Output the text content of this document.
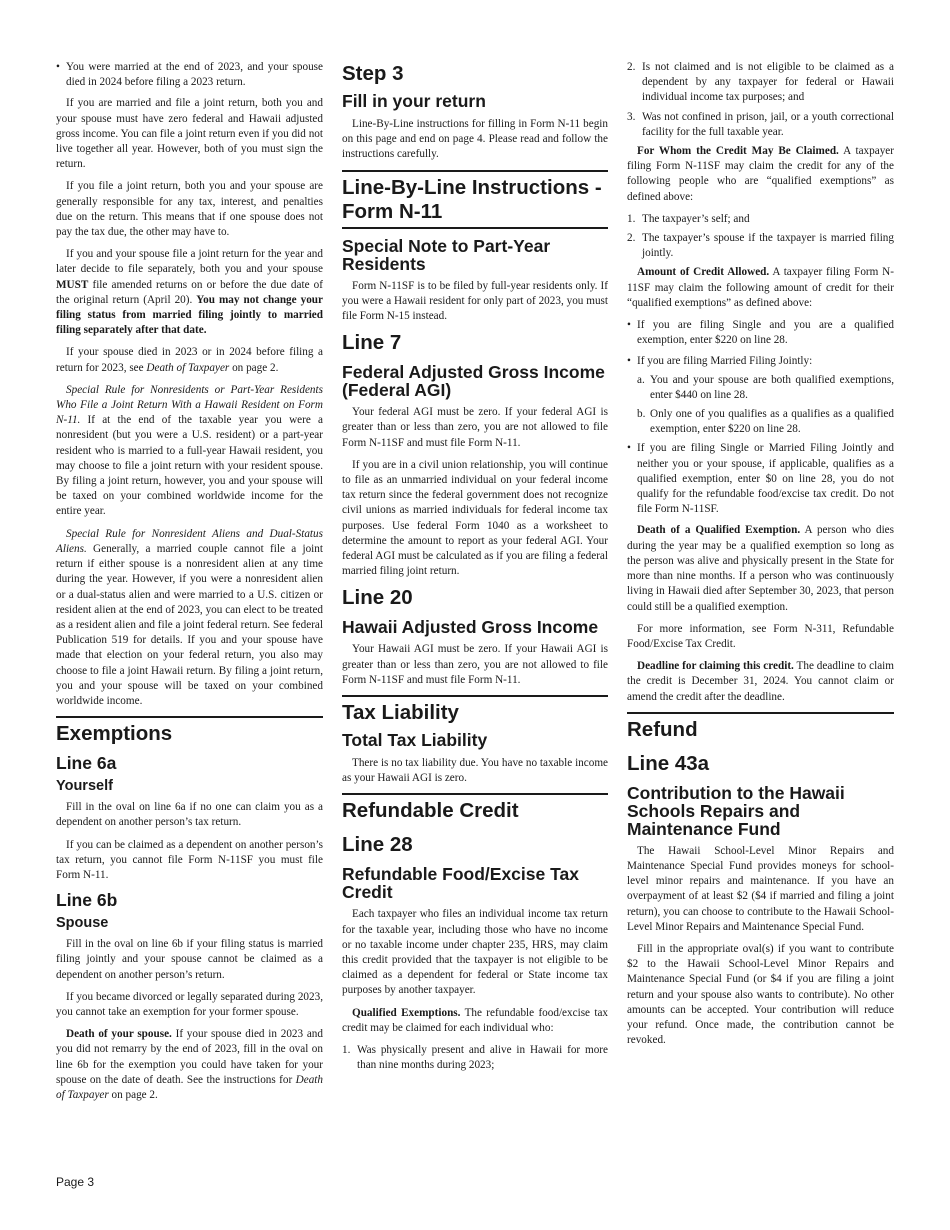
• You were married at the end of 2023, and your spouse died in 2024 before filing a 2023 return.

If you are married and file a joint return, both you and your spouse must have zero federal and Hawaii adjusted gross income. You can file a joint return even if you did not live together all year. However, both of you must sign the return.

If you file a joint return, both you and your spouse are generally responsible for any tax, interest, and penalties due on the return. This means that if one spouse does not pay the tax due, the other may have to.

If you and your spouse file a joint return for the year and later decide to file separately, both you and your spouse MUST file amended returns on or before the due date of the original return (April 20). You may not change your filing status from married filing jointly to married filing separately after that date.

If your spouse died in 2023 or in 2024 before filing a return for 2023, see Death of Taxpayer on page 2.

Special Rule for Nonresidents or Part-Year Residents Who File a Joint Return With a Hawaii Resident on Form N-11. If at the end of the taxable year you were a nonresident (but you were a U.S. resident) or a part-year resident who is married to a full-year Hawaii resident, you may choose to file a joint return with your resident spouse. By filing a joint return, however, you and your spouse will be taxed on your combined worldwide income for the entire year.

Special Rule for Nonresident Aliens and Dual-Status Aliens. Generally, a married couple cannot file a joint return if either spouse is a nonresident alien at any time during the year. However, if you were a nonresident alien or a dual-status alien and were married to a U.S. citizen or resident alien at the end of 2023, you can elect to be treated as a resident alien and file a joint federal return. See federal Publication 519 for details. If you and your spouse have made that election on your federal return, you also may choose to file a joint Hawaii return. By filing a joint return, you and your spouse will be taxed on your combined worldwide income.

Exemptions
Line 6a
Yourself

Fill in the oval on line 6a if no one can claim you as a dependent on another person’s tax return.

If you can be claimed as a dependent on another person’s tax return, you cannot file Form N-11SF you must file Form N-11.

Line 6b
Spouse

Fill in the oval on line 6b if your filing status is married filing jointly and your spouse cannot be claimed as a dependent on another person’s return.

If you became divorced or legally separated during 2023, you cannot take an exemption for your former spouse.

Death of your spouse. If your spouse died in 2023 and you did not remarry by the end of 2023, fill in the oval on line 6b for the exemption you could have taken for your spouse on the date of death. See the instructions for Death of Taxpayer on page 2.

Step 3
Fill in your return

Line-By-Line instructions for filling in Form N-11 begin on this page and end on page 4. Please read and follow the instructions carefully.

Line-By-Line Instructions - Form N-11
Special Note to Part-Year Residents

Form N-11SF is to be filed by full-year residents only. If you were a Hawaii resident for only part of 2023, you must file Form N-15 instead.

Line 7
Federal Adjusted Gross Income (Federal AGI)

Your federal AGI must be zero. If your federal AGI is greater than or less than zero, you are not allowed to file Form N-11SF and must file Form N-11.

If you are in a civil union relationship, you will continue to file as an unmarried individual on your federal income tax return since the federal government does not recognize civil unions as married individuals for federal income tax purposes. Use federal Form 1040 as a worksheet to determine the amount to report as your federal AGI. Your federal AGI must be calculated as if you are filing a federal married filing joint return.

Line 20
Hawaii Adjusted Gross Income

Your Hawaii AGI must be zero. If your Hawaii AGI is greater than or less than zero, you are not allowed to file Form N-11SF and must file Form N-11.

Tax Liability
Total Tax Liability

There is no tax liability due. You have no taxable income as your Hawaii AGI is zero.

Refundable Credit
Line 28
Refundable Food/Excise Tax Credit

Each taxpayer who files an individual income tax return for the taxable year, including those who have no income or no taxable income under chapter 235, HRS, may claim this credit provided that the taxpayer is not eligible to be claimed as a dependent for federal or State income tax purposes by another taxpayer.

Qualified Exemptions. The refundable food/excise tax credit may be claimed for each individual who:

1. Was physically present and alive in Hawaii for more than nine months during 2023;
2. Is not claimed and is not eligible to be claimed as a dependent by any taxpayer for federal or Hawaii individual income tax purposes; and
3. Was not confined in prison, jail, or a youth correctional facility for the full taxable year.

For Whom the Credit May Be Claimed. A taxpayer filing Form N-11SF may claim the credit for any of the following people who are “qualified exemptions” as defined above:

1. The taxpayer’s self; and
2. The taxpayer’s spouse if the taxpayer is married filing jointly.

Amount of Credit Allowed. A taxpayer filing Form N-11SF may claim the following amount of credit for their “qualified exemptions” as defined above:

• If you are filing Single and you are a qualified exemption, enter $220 on line 28.
• If you are filing Married Filing Jointly:
a. You and your spouse are both qualified exemptions, enter $440 on line 28.
b. Only one of you qualifies as a qualifies as a qualified exemption, enter $220 on line 28.
• If you are filing Single or Married Filing Jointly and neither you or your spouse, if applicable, qualifies as a qualified exemption, enter $0 on line 28, you do not qualify for the refundable food/excise tax credit. Do not file Form N-11SF.

Death of a Qualified Exemption. A person who dies during the year may be a qualified exemption so long as the person was alive and physically present in the State for more than nine months. If a person who was continuously living in Hawaii died after September 30, 2023, that person could still be a qualified exemption.

For more information, see Form N-311, Refundable Food/Excise Tax Credit.

Deadline for claiming this credit. The deadline to claim the credit is December 31, 2024. You cannot claim or amend the credit after the deadline.

Refund
Line 43a
Contribution to the Hawaii Schools Repairs and Maintenance Fund

The Hawaii School-Level Minor Repairs and Maintenance Special Fund provides moneys for school-level minor repairs and maintenance. If you have an overpayment of at least $2 ($4 if married and filing a joint return), you can choose to contribute to the Hawaii School-Level Minor Repairs and Maintenance Special Fund.

Fill in the appropriate oval(s) if you want to contribute $2 to the Hawaii School-Level Minor Repairs and Maintenance Special Fund (or $4 if you are filing a joint return and your spouse also wants to contribute). No other amounts can be accepted. Your contribution will reduce your refund. Once made, the contribution cannot be revoked.

Page 3
